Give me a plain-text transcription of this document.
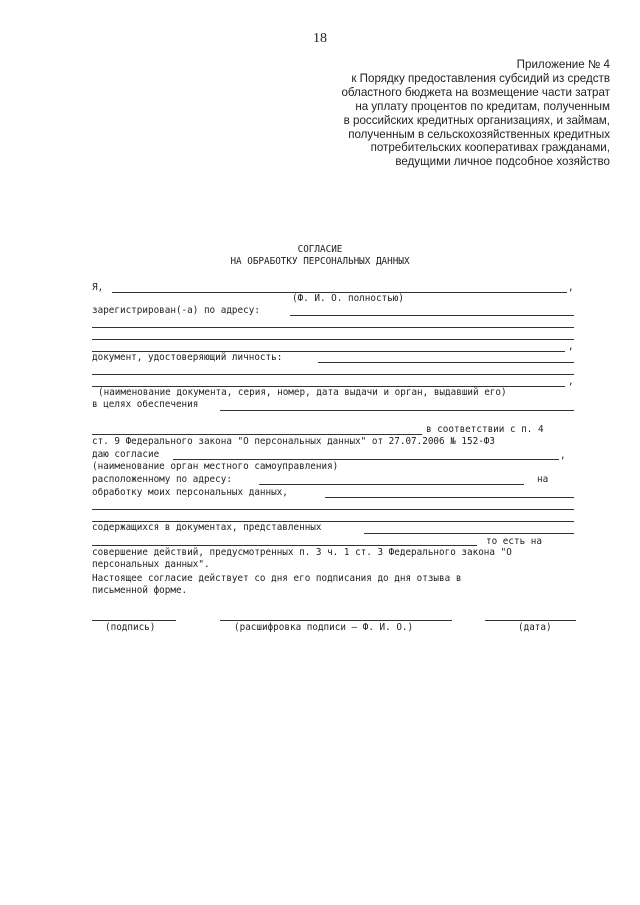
18
Приложение № 4
к Порядку предоставления субсидий из средств
областного бюджета на возмещение части затрат
на уплату процентов по кредитам, полученным
в российских кредитных организациях, и займам,
полученным в сельскохозяйственных кредитных
потребительских кооперативах гражданами,
ведущими личное подсобное хозяйство
СОГЛАСИЕ
НА ОБРАБОТКУ ПЕРСОНАЛЬНЫХ ДАННЫХ
Я,	,
(Ф. И. О. полностью)
зарегистрирован(-а) по адресу:
,
документ, удостоверяющий личность:
,
(наименование документа, серия, номер, дата выдачи и орган, выдавший его)
в целях обеспечения
в соответствии с п. 4
ст. 9 Федерального закона "О персональных данных" от 27.07.2006 № 152-ФЗ
даю согласие	,
(наименование орган местного самоуправления)
расположенному по адресу:	на
обработку моих персональных данных,
содержащихся в документах, представленных
то есть на
совершение действий, предусмотренных п. 3 ч. 1 ст. 3 Федерального закона "О
персональных данных".
Настоящее согласие действует со дня его подписания до дня отзыва в
письменной форме.
(подпись)	(расшифровка подписи – Ф. И. О.)	(дата)
